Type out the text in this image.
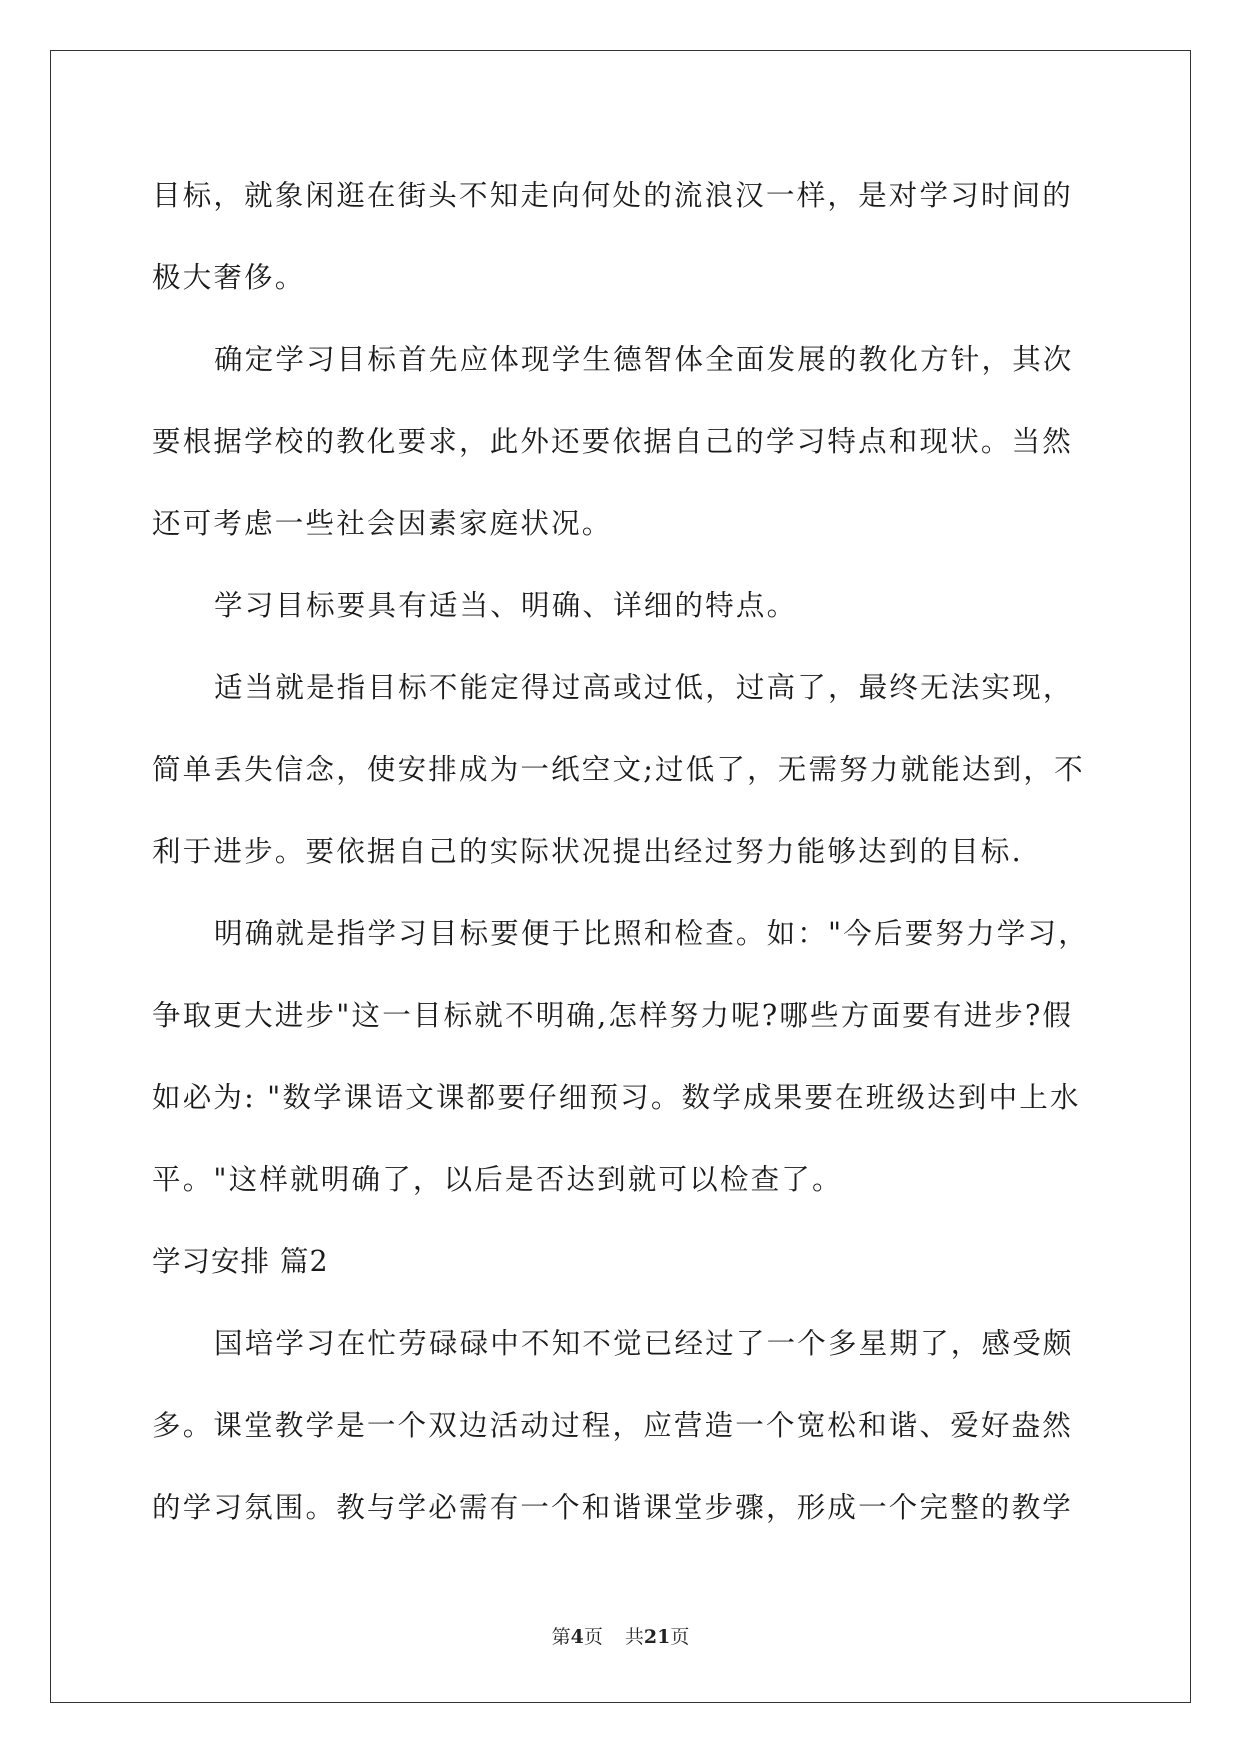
目标，就象闲逛在街头不知走向何处的流浪汉一样，是对学习时间的

极大奢侈。

确定学习目标首先应体现学生德智体全面发展的教化方针，其次

要根据学校的教化要求，此外还要依据自己的学习特点和现状。当然

还可考虑一些社会因素家庭状况。

学习目标要具有适当、明确、详细的特点。

适当就是指目标不能定得过高或过低，过高了，最终无法实现，

简单丢失信念，使安排成为一纸空文;过低了，无需努力就能达到，不

利于进步。要依据自己的实际状况提出经过努力能够达到的目标.

明确就是指学习目标要便于比照和检查。如："今后要努力学习，

争取更大进步"这一目标就不明确,怎样努力呢?哪些方面要有进步?假

如必为: "数学课语文课都要仔细预习。数学成果要在班级达到中上水

平。"这样就明确了，以后是否达到就可以检查了。

学习安排 篇2

国培学习在忙劳碌碌中不知不觉已经过了一个多星期了，感受颇

多。课堂教学是一个双边活动过程，应营造一个宽松和谐、爱好盎然

的学习氛围。教与学必需有一个和谐课堂步骤，形成一个完整的教学

第4页 共21页
